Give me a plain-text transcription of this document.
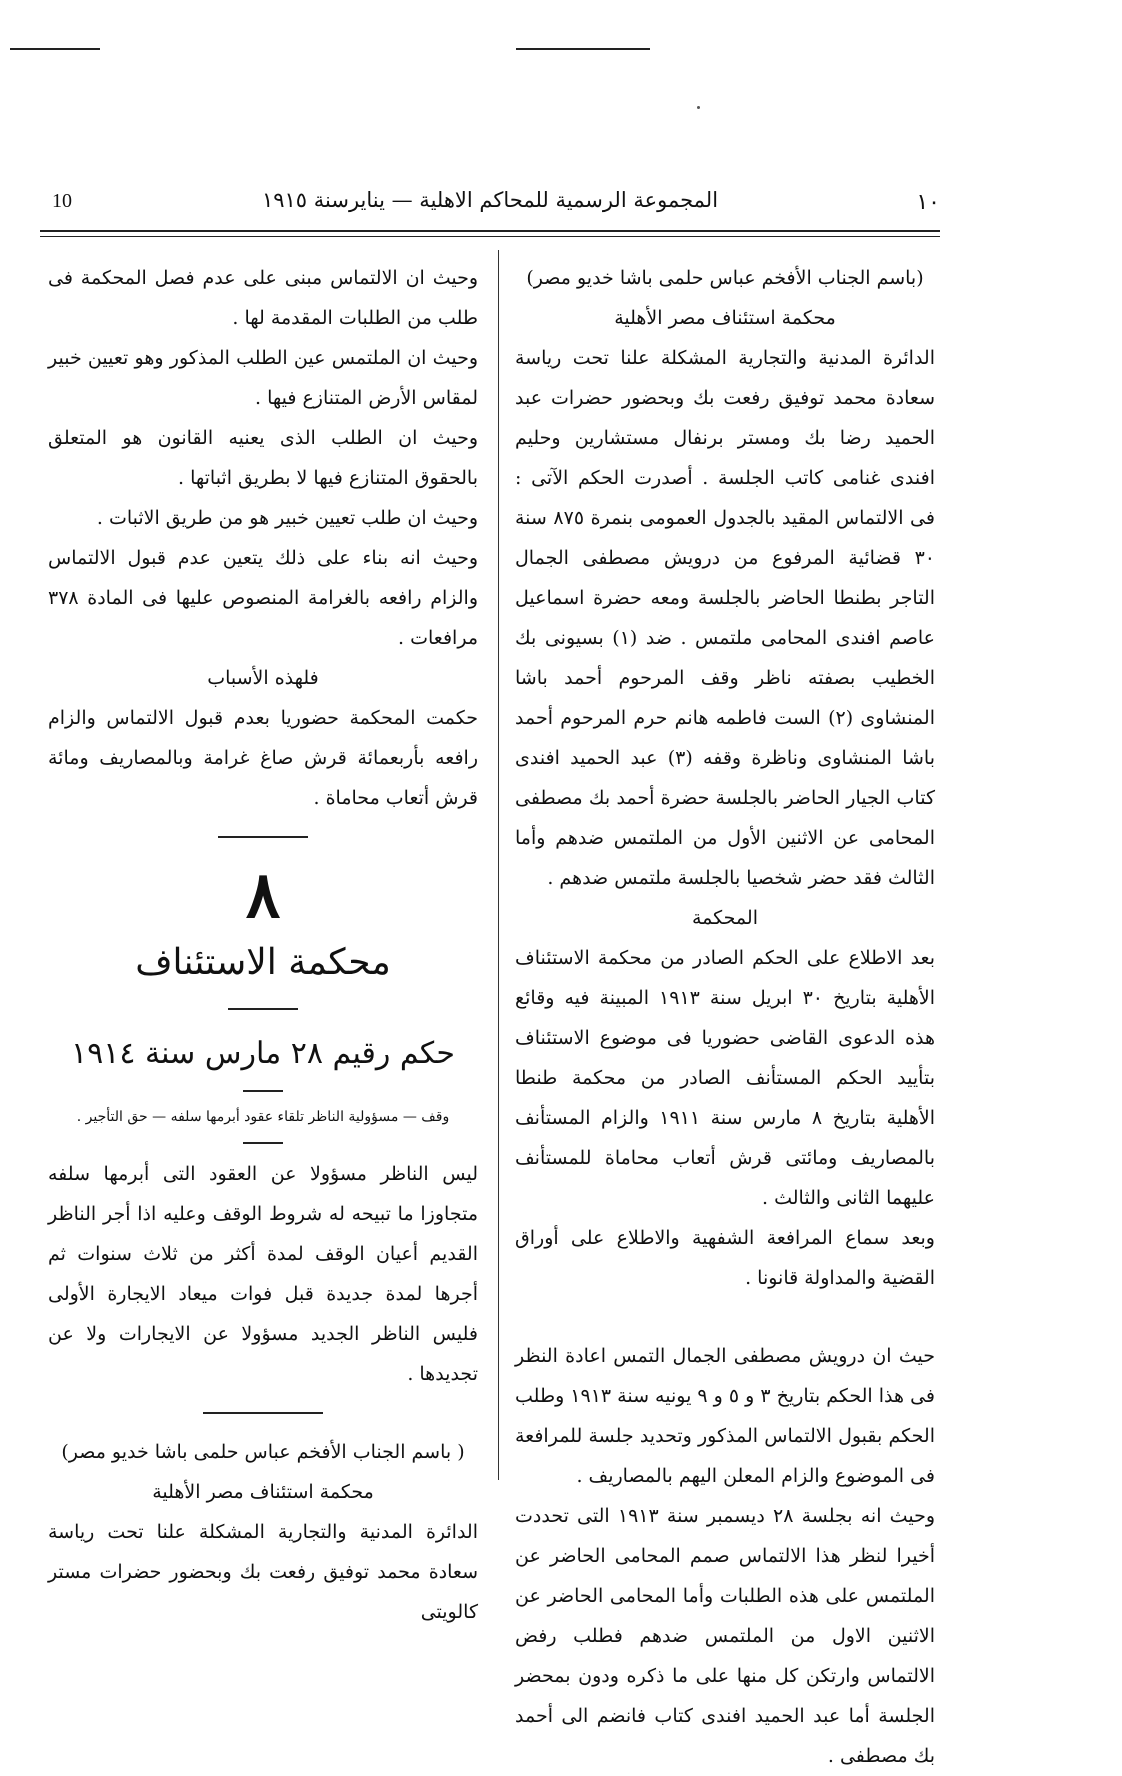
10	المجموعة الرسمية للمحاكم الاهلية — ينايرسنة ١٩١٥	١٠

(باسم الجناب الأفخم عباس حلمى باشا خديو مصر)

محكمة استئناف مصر الأهلية

الدائرة المدنية والتجارية المشكلة علنا تحت رياسة سعادة محمد توفيق رفعت بك وبحضور حضرات عبد الحميد رضا بك ومستر برنفال مستشارين وحليم افندى غنامى كاتب الجلسة . أصدرت الحكم الآتى : فى الالتماس المقيد بالجدول العمومى بنمرة ٨٧٥ سنة ٣٠ قضائية المرفوع من درويش مصطفى الجمال التاجر بطنطا الحاضر بالجلسة ومعه حضرة اسماعيل عاصم افندى المحامى ملتمس . ضد (١) بسيونى بك الخطيب بصفته ناظر وقف المرحوم أحمد باشا المنشاوى (٢) الست فاطمه هانم حرم المرحوم أحمد باشا المنشاوى وناظرة وقفه (٣) عبد الحميد افندى كتاب الجيار الحاضر بالجلسة حضرة أحمد بك مصطفى المحامى عن الاثنين الأول من الملتمس ضدهم وأما الثالث فقد حضر شخصيا بالجلسة ملتمس ضدهم .

المحكمة

بعد الاطلاع على الحكم الصادر من محكمة الاستئناف الأهلية بتاريخ ٣٠ ابريل سنة ١٩١٣ المبينة فيه وقائع هذه الدعوى القاضى حضوريا فى موضوع الاستئناف بتأييد الحكم المستأنف الصادر من محكمة طنطا الأهلية بتاريخ ٨ مارس سنة ١٩١١ والزام المستأنف بالمصاريف ومائتى قرش أتعاب محاماة للمستأنف عليهما الثانى والثالث .

وبعد سماع المرافعة الشفهية والاطلاع على أوراق القضية والمداولة قانونا .

حيث ان درويش مصطفى الجمال التمس اعادة النظر فى هذا الحكم بتاريخ ٣ و ٥ و ٩ يونيه سنة ١٩١٣ وطلب الحكم بقبول الالتماس المذكور وتحديد جلسة للمرافعة فى الموضوع والزام المعلن اليهم بالمصاريف .

وحيث انه بجلسة ٢٨ ديسمبر سنة ١٩١٣ التى تحددت أخيرا لنظر هذا الالتماس صمم المحامى الحاضر عن الملتمس على هذه الطلبات وأما المحامى الحاضر عن الاثنين الاول من الملتمس ضدهم فطلب رفض الالتماس وارتكن كل منها على ما ذكره ودون بمحضر الجلسة أما عبد الحميد افندى كتاب فانضم الى أحمد بك مصطفى .

وحيث ان الالتماس مبنى على عدم فصل المحكمة فى طلب من الطلبات المقدمة لها .

وحيث ان الملتمس عين الطلب المذكور وهو تعيين خبير لمقاس الأرض المتنازع فيها .

وحيث ان الطلب الذى يعنيه القانون هو المتعلق بالحقوق المتنازع فيها لا بطريق اثباتها .

وحيث ان طلب تعيين خبير هو من طريق الاثبات .

وحيث انه بناء على ذلك يتعين عدم قبول الالتماس والزام رافعه بالغرامة المنصوص عليها فى المادة ٣٧٨ مرافعات .

فلهذه الأسباب

حكمت المحكمة حضوريا بعدم قبول الالتماس والزام رافعه بأربعمائة قرش صاغ غرامة وبالمصاريف ومائة قرش أتعاب محاماة .

٨
محكمة الاستئناف
حكم رقيم ٢٨ مارس سنة ١٩١٤

وقف — مسؤولية الناظر تلقاء عقود أبرمها سلفه — حق التأجير .

ليس الناظر مسؤولا عن العقود التى أبرمها سلفه متجاوزا ما تبيحه له شروط الوقف وعليه اذا أجر الناظر القديم أعيان الوقف لمدة أكثر من ثلاث سنوات ثم أجرها لمدة جديدة قبل فوات ميعاد الايجارة الأولى فليس الناظر الجديد مسؤولا عن الايجارات ولا عن تجديدها .

( باسم الجناب الأفخم عباس حلمى باشا خديو مصر)

محكمة استئناف مصر الأهلية

الدائرة المدنية والتجارية المشكلة علنا تحت رياسة سعادة محمد توفيق رفعت بك وبحضور حضرات مستر كالويتى
